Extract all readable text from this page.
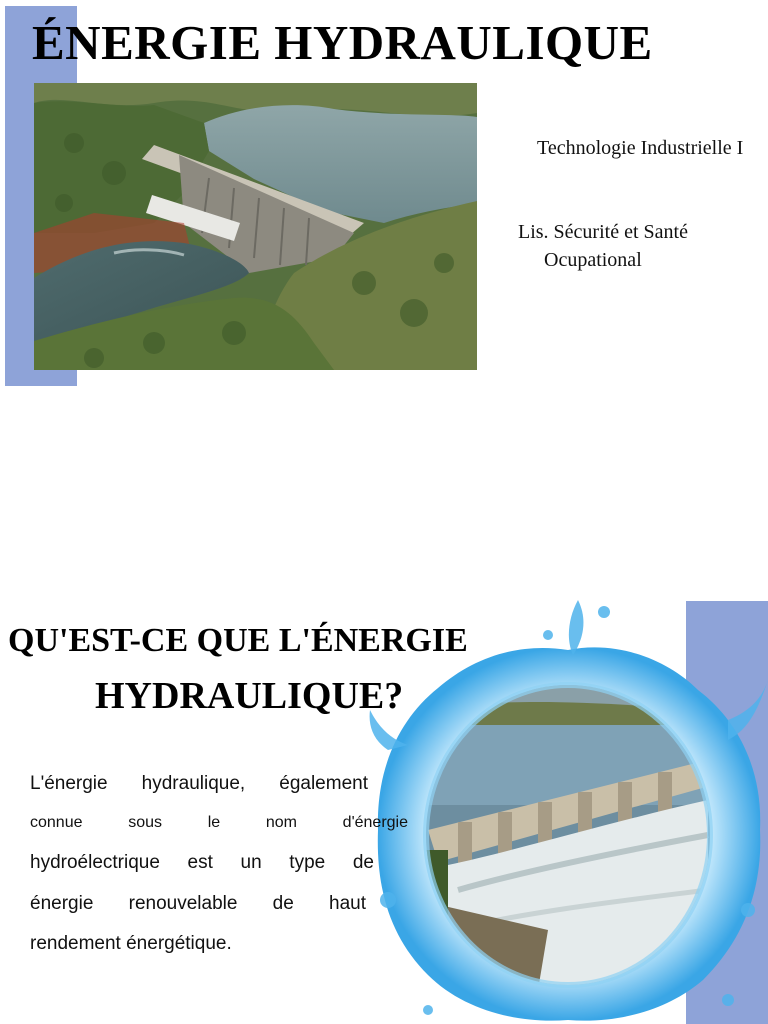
ÉNERGIE HYDRAULIQUE
Technologie Industrielle I
Lis. Sécurité et Santé
Ocupational
QU'EST-CE QUE L'ÉNERGIE
HYDRAULIQUE?
L'énergie hydraulique, également
connue sous le nom d'énergie
hydroélectrique est un type de
énergie renouvelable de haut
rendement énergétique.
